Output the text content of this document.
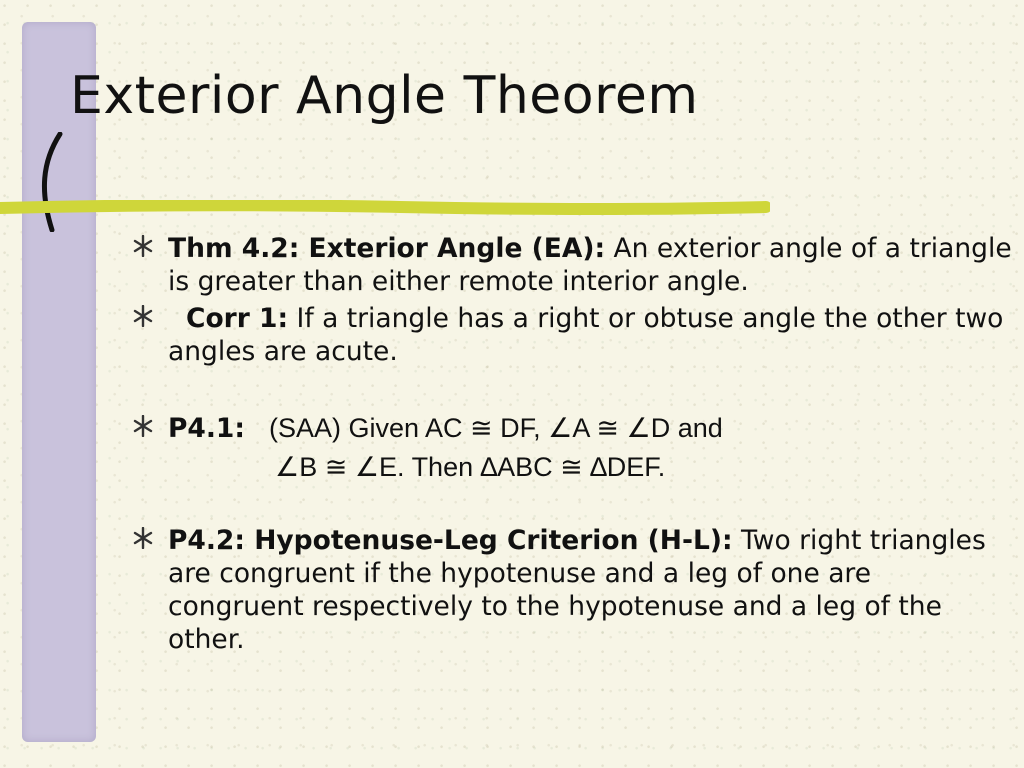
Exterior Angle Theorem
Thm 4.2: Exterior Angle (EA): An exterior angle of a triangle is greater than either remote interior angle.
Corr 1: If a triangle has a right or obtuse angle the other two angles are acute.
P4.1: (SAA) Given AC ≅ DF, ∠A ≅ ∠D and
∠B ≅ ∠E. Then ∆ABC ≅ ∆DEF.
P4.2: Hypotenuse-Leg Criterion (H-L): Two right triangles are congruent if the hypotenuse and a leg of one are congruent respectively to the hypotenuse and a leg of the other.
